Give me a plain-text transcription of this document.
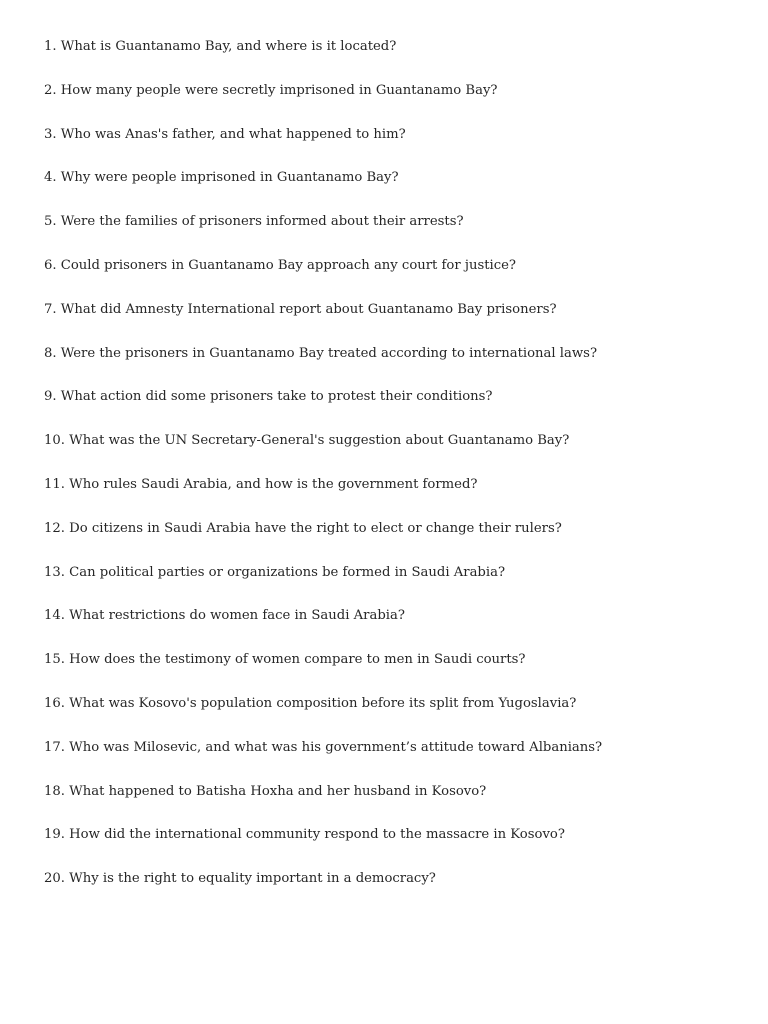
1. What is Guantanamo Bay, and where is it located?
2. How many people were secretly imprisoned in Guantanamo Bay?
3. Who was Anas's father, and what happened to him?
4. Why were people imprisoned in Guantanamo Bay?
5. Were the families of prisoners informed about their arrests?
6. Could prisoners in Guantanamo Bay approach any court for justice?
7. What did Amnesty International report about Guantanamo Bay prisoners?
8. Were the prisoners in Guantanamo Bay treated according to international laws?
9. What action did some prisoners take to protest their conditions?
10. What was the UN Secretary-General's suggestion about Guantanamo Bay?
11. Who rules Saudi Arabia, and how is the government formed?
12. Do citizens in Saudi Arabia have the right to elect or change their rulers?
13. Can political parties or organizations be formed in Saudi Arabia?
14. What restrictions do women face in Saudi Arabia?
15. How does the testimony of women compare to men in Saudi courts?
16. What was Kosovo's population composition before its split from Yugoslavia?
17. Who was Milosevic, and what was his government’s attitude toward Albanians?
18. What happened to Batisha Hoxha and her husband in Kosovo?
19. How did the international community respond to the massacre in Kosovo?
20. Why is the right to equality important in a democracy?
